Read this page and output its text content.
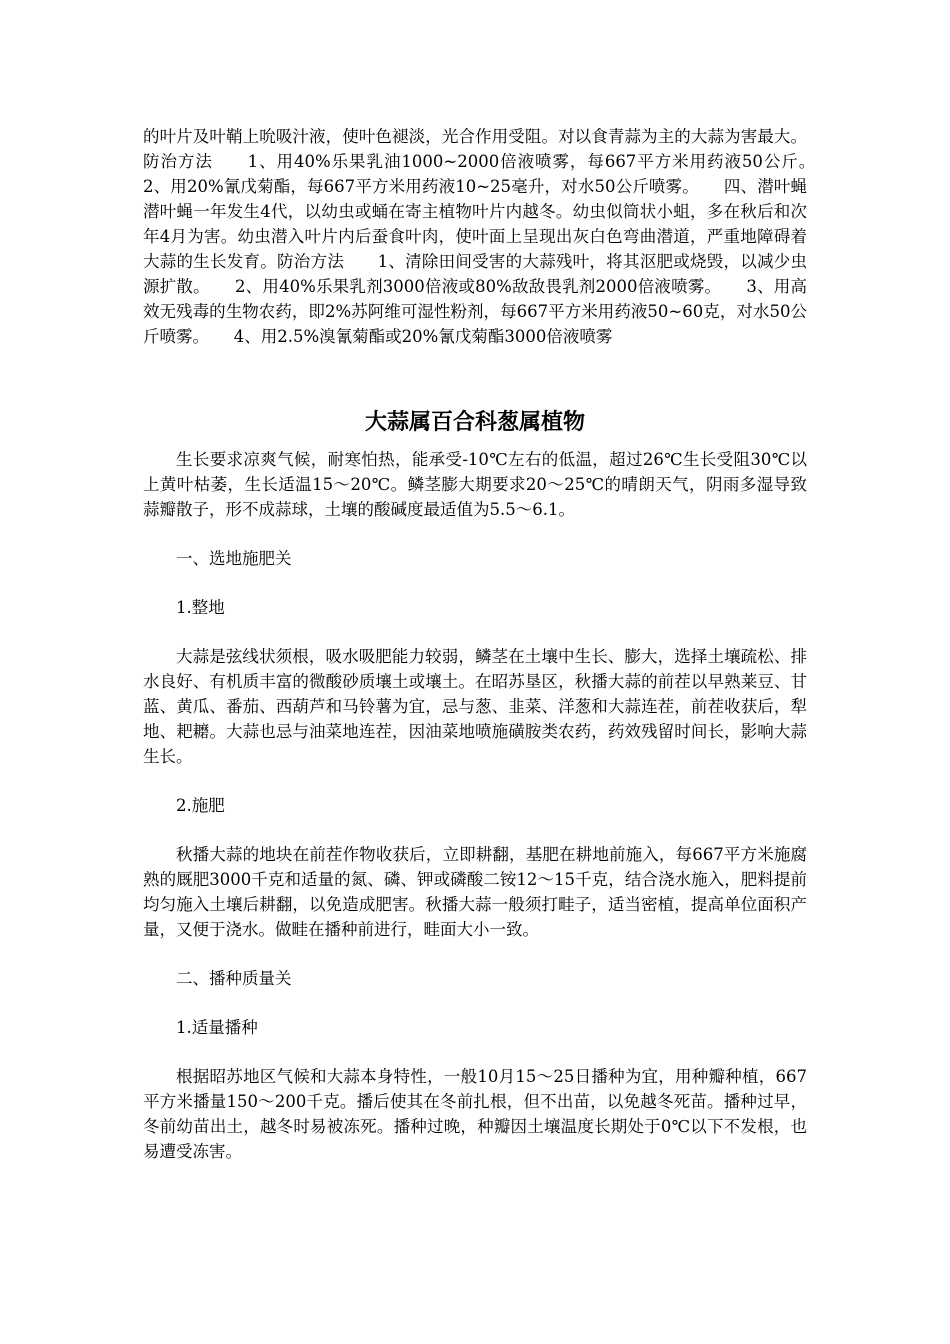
的叶片及叶鞘上吮吸汁液，使叶色褪淡，光合作用受阻。对以食青蒜为主的大蒜为害最大。防治方法　　1、用40%乐果乳油1000~2000倍液喷雾，每667平方米用药液50公斤。　　2、用20%氰戊菊酯，每667平方米用药液10~25毫升，对水50公斤喷雾。　　四、潜叶蝇　　潜叶蝇一年发生4代，以幼虫或蛹在寄主植物叶片内越冬。幼虫似筒状小蛆，多在秋后和次年4月为害。幼虫潜入叶片内后蚕食叶肉，使叶面上呈现出灰白色弯曲潜道，严重地障碍着大蒜的生长发育。防治方法　　1、清除田间受害的大蒜残叶，将其沤肥或烧毁，以减少虫源扩散。　　2、用40%乐果乳剂3000倍液或80%敌敌畏乳剂2000倍液喷雾。　　3、用高效无残毒的生物农药，即2%苏阿维可湿性粉剂，每667平方米用药液50~60克，对水50公斤喷雾。　　4、用2.5%溴氰菊酯或20%氰戊菊酯3000倍液喷雾

大蒜属百合科葱属植物

生长要求凉爽气候，耐寒怕热，能承受-10℃左右的低温，超过26℃生长受阻30℃以上黄叶枯萎，生长适温15～20℃。鳞茎膨大期要求20～25℃的晴朗天气，阴雨多湿导致蒜瓣散子，形不成蒜球，土壤的酸碱度最适值为5.5～6.1。

一、选地施肥关

1.整地

大蒜是弦线状须根，吸水吸肥能力较弱，鳞茎在土壤中生长、膨大，选择土壤疏松、排水良好、有机质丰富的微酸砂质壤土或壤土。在昭苏垦区，秋播大蒜的前茬以早熟莱豆、甘蓝、黄瓜、番茄、西葫芦和马铃薯为宜，忌与葱、韭菜、洋葱和大蒜连茬，前茬收获后，犁地、耙耱。大蒜也忌与油菜地连茬，因油菜地喷施磺胺类农药，药效残留时间长，影响大蒜生长。

2.施肥

秋播大蒜的地块在前茬作物收获后，立即耕翻，基肥在耕地前施入，每667平方米施腐熟的厩肥3000千克和适量的氮、磷、钾或磷酸二铵12～15千克，结合浇水施入，肥料提前均匀施入土壤后耕翻，以免造成肥害。秋播大蒜一般须打畦子，适当密植，提高单位面积产量，又便于浇水。做畦在播种前进行，畦面大小一致。

二、播种质量关

1.适量播种

根据昭苏地区气候和大蒜本身特性，一般10月15～25日播种为宜，用种瓣种植，667平方米播量150～200千克。播后使其在冬前扎根，但不出苗，以免越冬死苗。播种过早，冬前幼苗出土，越冬时易被冻死。播种过晚，种瓣因土壤温度长期处于0℃以下不发根，也易遭受冻害。
